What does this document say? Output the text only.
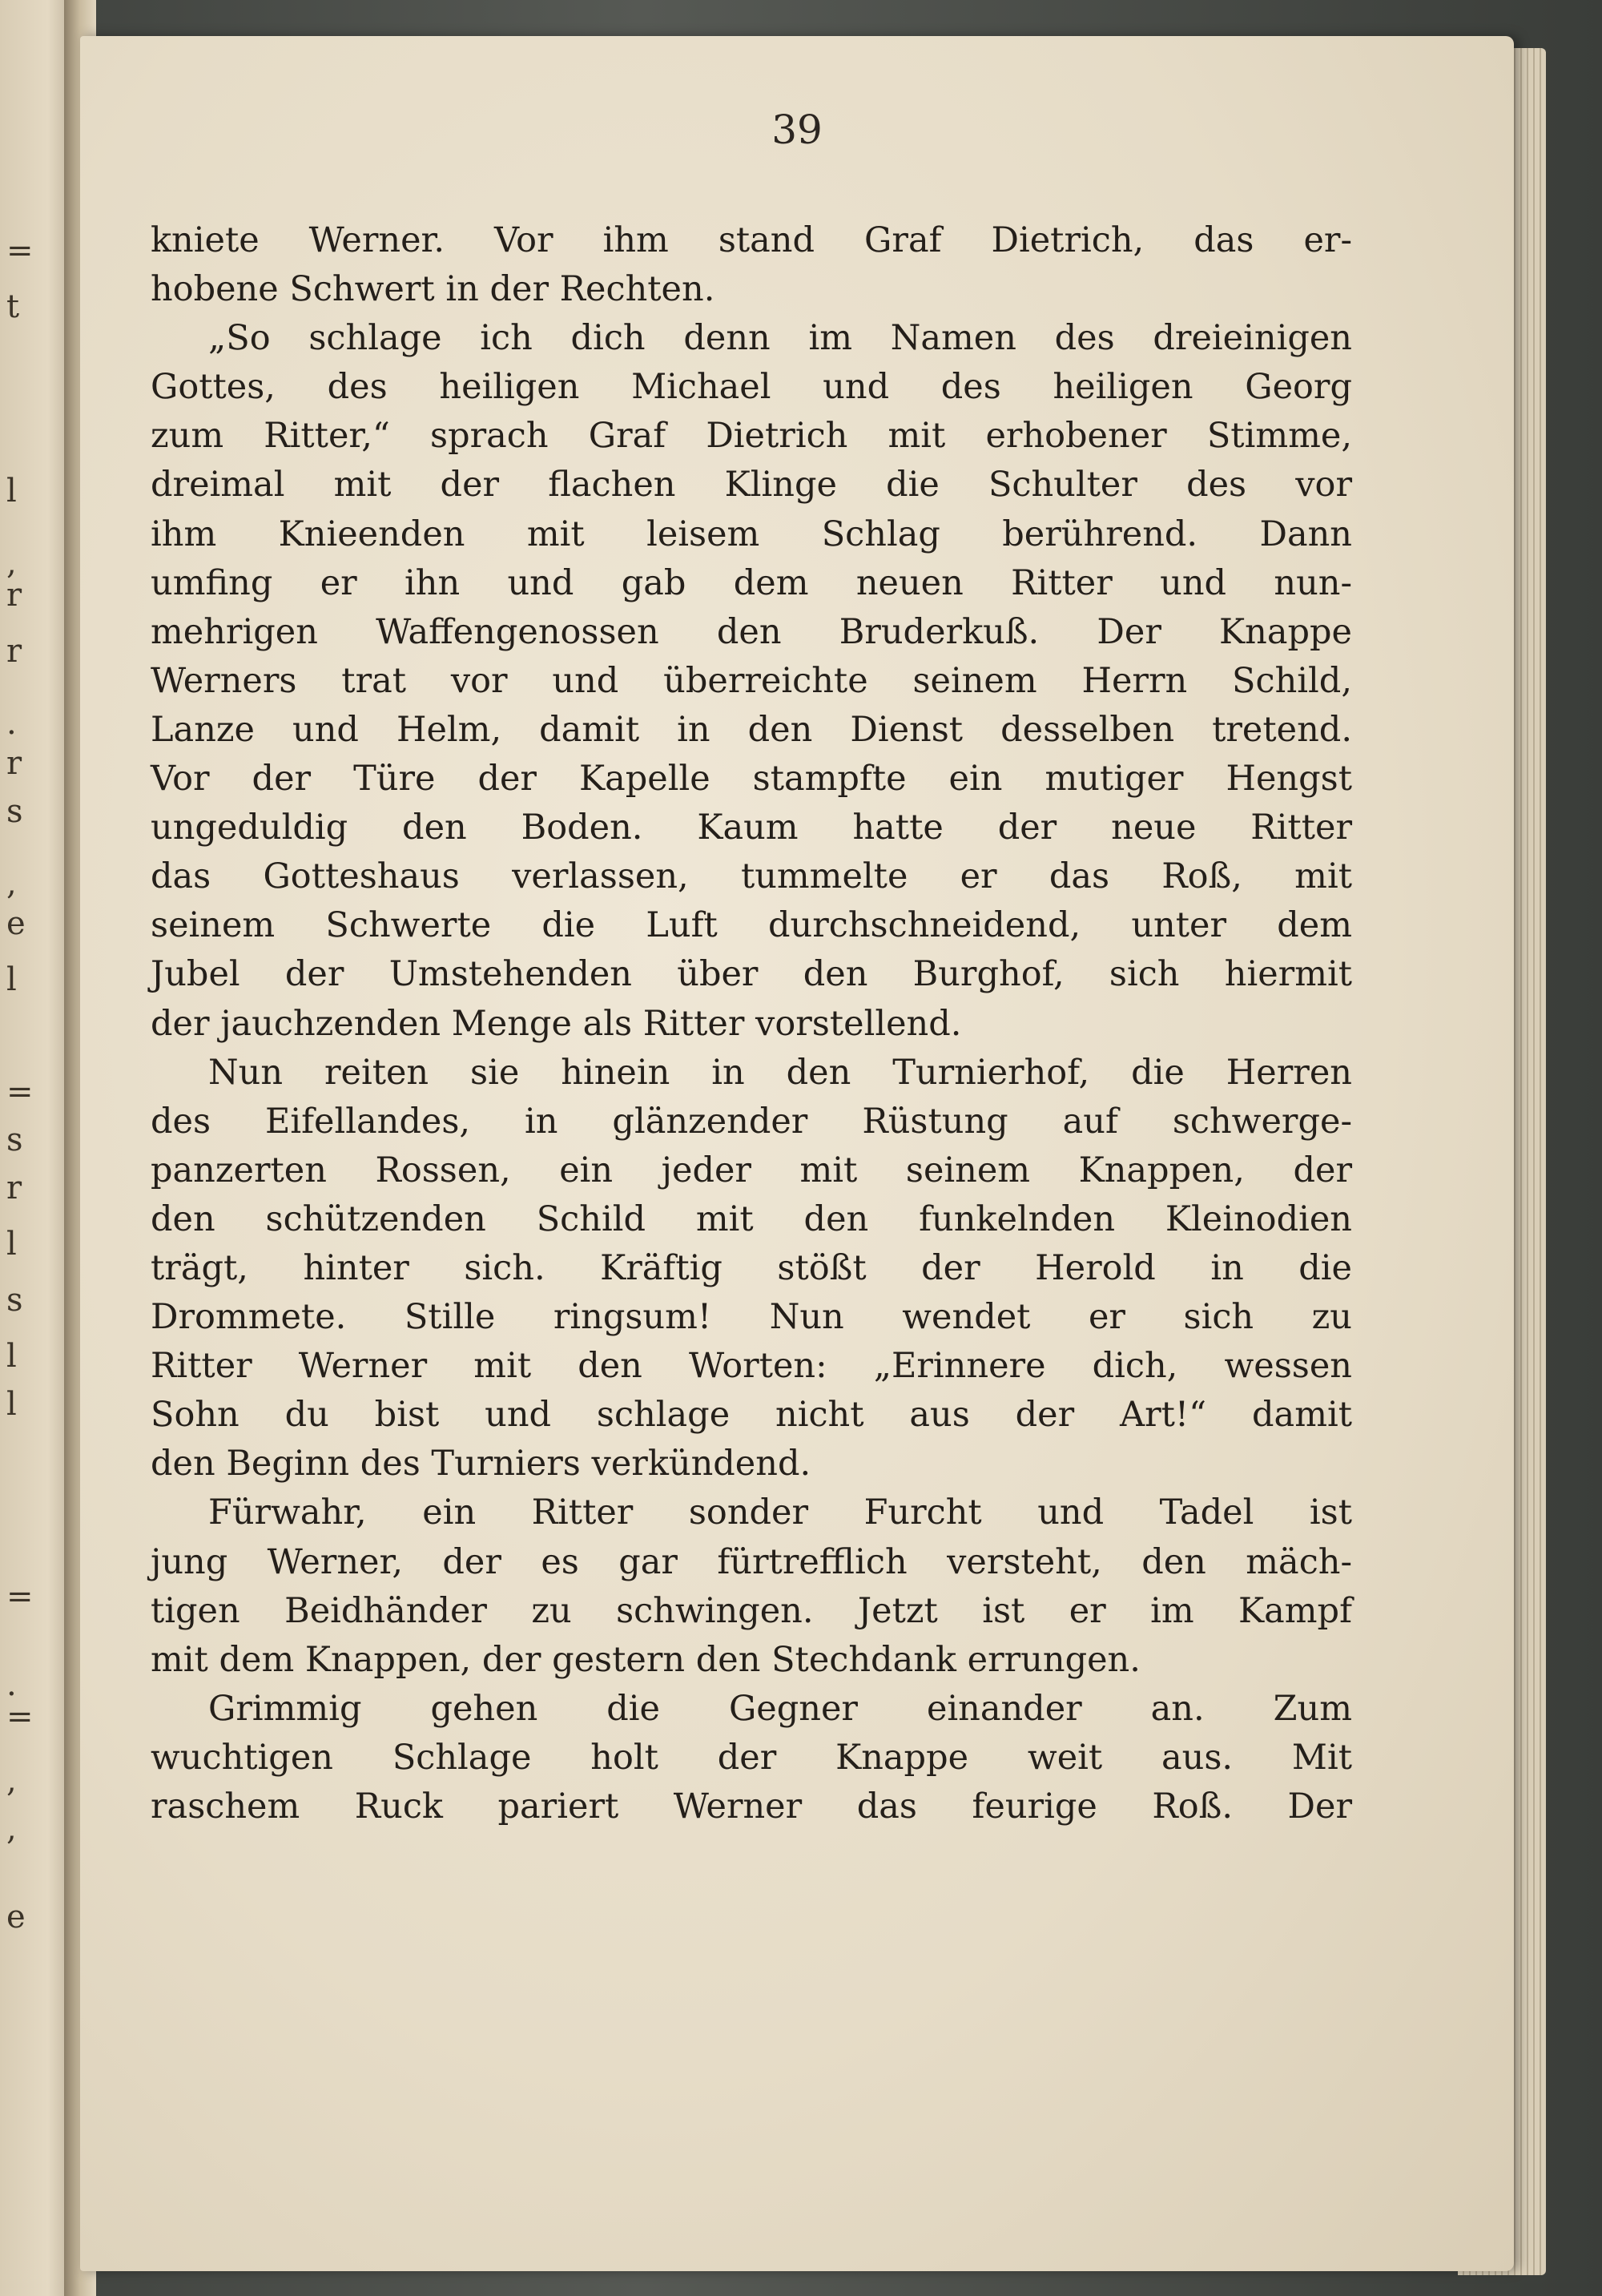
=
t
l
,
r
r
.
r
s
,
e
l
=
s
r
l
s
l
l
=
.
=
,
,
e
39
kniete Werner. Vor ihm stand Graf Dietrich, das er-
hobene Schwert in der Rechten.
„So schlage ich dich denn im Namen des dreieinigen
Gottes, des heiligen Michael und des heiligen Georg
zum Ritter,“ sprach Graf Dietrich mit erhobener Stimme,
dreimal mit der flachen Klinge die Schulter des vor
ihm Knieenden mit leisem Schlag berührend. Dann
umfing er ihn und gab dem neuen Ritter und nun-
mehrigen Waffengenossen den Bruderkuß. Der Knappe
Werners trat vor und überreichte seinem Herrn Schild,
Lanze und Helm, damit in den Dienst desselben tretend.
Vor der Türe der Kapelle stampfte ein mutiger Hengst
ungeduldig den Boden. Kaum hatte der neue Ritter
das Gotteshaus verlassen, tummelte er das Roß, mit
seinem Schwerte die Luft durchschneidend, unter dem
Jubel der Umstehenden über den Burghof, sich hiermit
der jauchzenden Menge als Ritter vorstellend.
Nun reiten sie hinein in den Turnierhof, die Herren
des Eifellandes, in glänzender Rüstung auf schwerge-
panzerten Rossen, ein jeder mit seinem Knappen, der
den schützenden Schild mit den funkelnden Kleinodien
trägt, hinter sich. Kräftig stößt der Herold in die
Drommete. Stille ringsum! Nun wendet er sich zu
Ritter Werner mit den Worten: „Erinnere dich, wessen
Sohn du bist und schlage nicht aus der Art!“ damit
den Beginn des Turniers verkündend.
Fürwahr, ein Ritter sonder Furcht und Tadel ist
jung Werner, der es gar fürtrefflich versteht, den mäch-
tigen Beidhänder zu schwingen. Jetzt ist er im Kampf
mit dem Knappen, der gestern den Stechdank errungen.
Grimmig gehen die Gegner einander an. Zum
wuchtigen Schlage holt der Knappe weit aus. Mit
raschem Ruck pariert Werner das feurige Roß. Der
